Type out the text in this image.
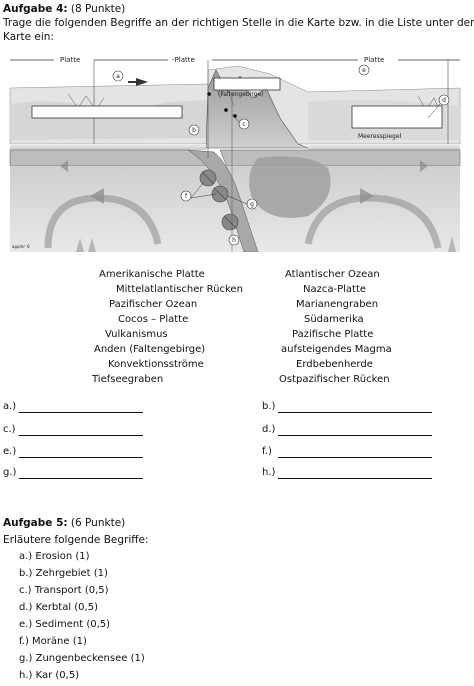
Aufgabe 4: (8 Punkte)
Trage die folgenden Begriffe an der richtigen Stelle in die Karte bzw. in die Liste unter der
Karte ein:
Platte	-Platte	Platte
Meeresspiegel
(Faltengebirge)
a
b
c
d
e
f
g
h
appmr ©
Amerikanische Platte
Mittelatlantischer Rücken
Pazifischer Ozean
Cocos – Platte
Vulkanismus
Anden (Faltengebirge)
Konvektionsströme
Tiefseegraben
Atlantischer Ozean
Nazca-Platte
Marianengraben
Südamerika
Pazifische Platte
aufsteigendes Magma
Erdbebenherde
Ostpazifischer Rücken
a.)
c.)
e.)
g.)
b.)
d.)
f.)
h.)
Aufgabe 5: (6 Punkte)
Erläutere folgende Begriffe:
a.) Erosion (1)
b.) Zehrgebiet (1)
c.) Transport (0,5)
d.) Kerbtal (0,5)
e.) Sediment (0,5)
f.) Moräne (1)
g.) Zungenbeckensee (1)
h.) Kar (0,5)
